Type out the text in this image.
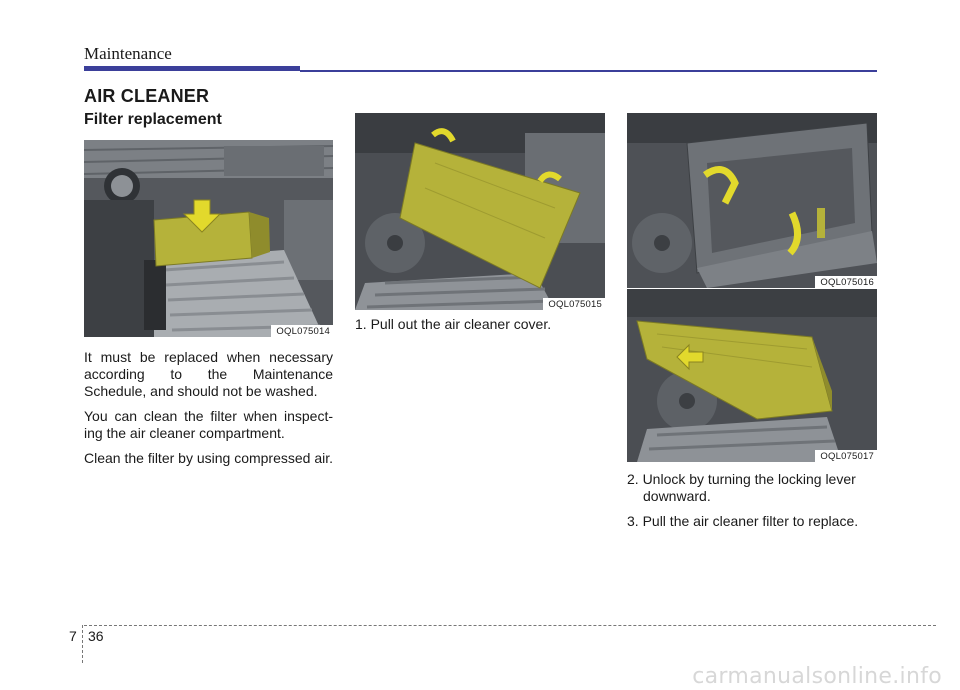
Maintenance
AIR CLEANER
Filter replacement
OQL075014
OQL075015
OQL075016
OQL075017

It must be replaced when necessary according to the Maintenance Schedule, and should not be washed.

You can clean the filter when inspect-ing the air cleaner compartment.

Clean the filter by using compressed air.

1. Pull out the air cleaner cover.

2. Unlock by turning the locking lever downward.

3. Pull the air cleaner filter to replace.

7 36
carmanualsonline.info
